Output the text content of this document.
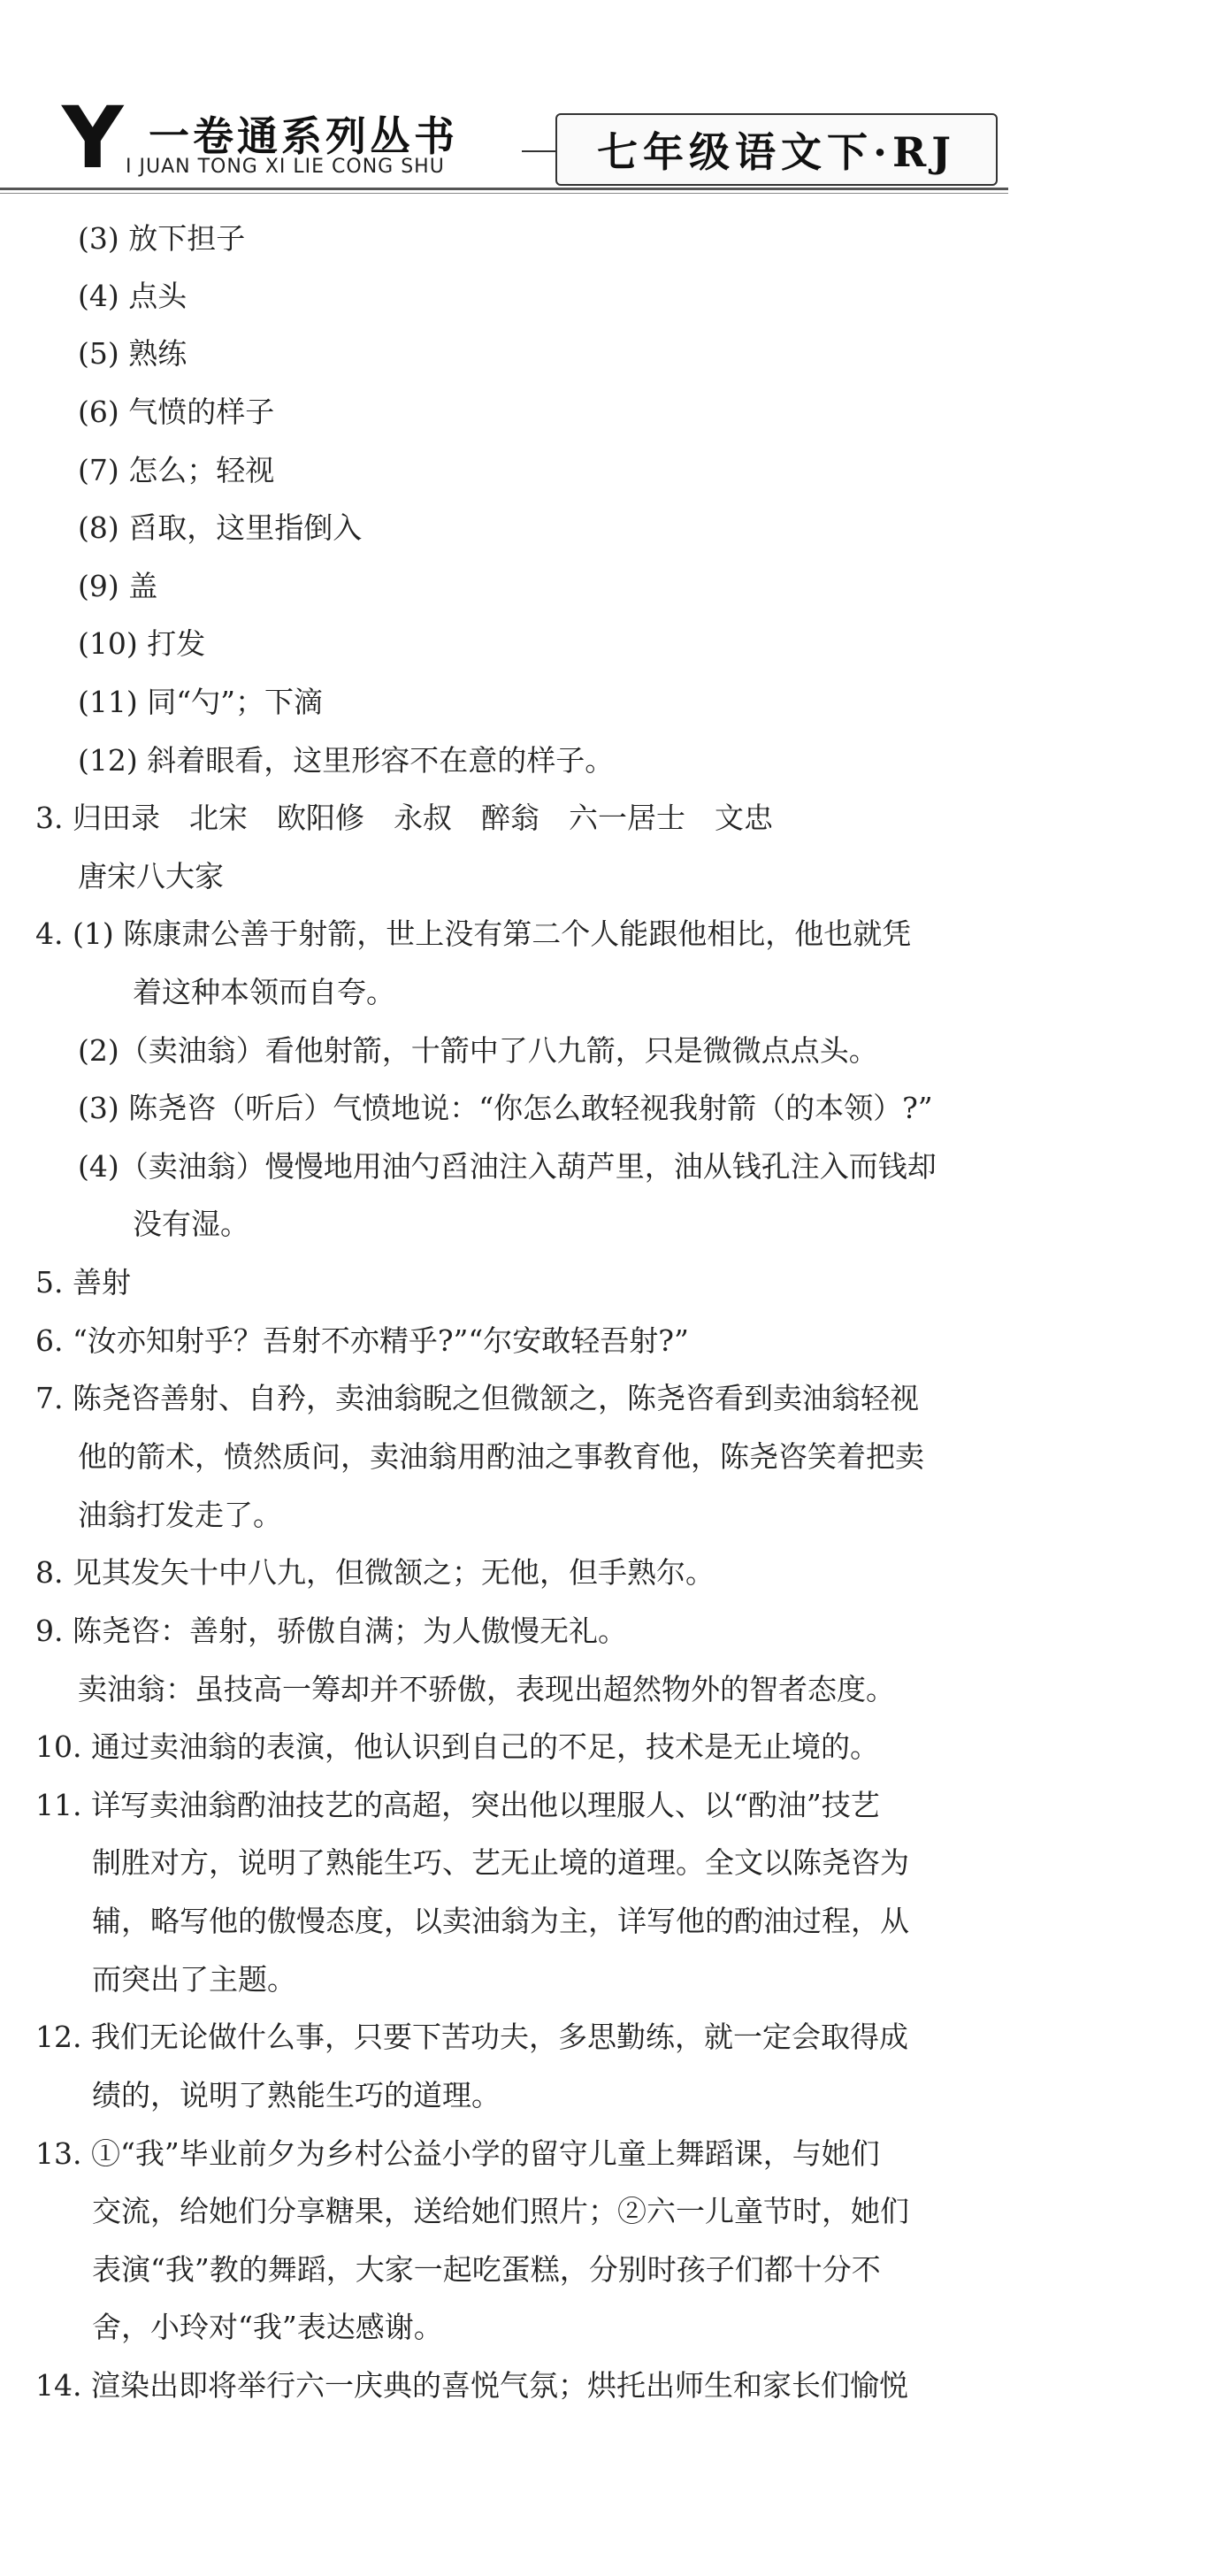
Y 一卷通系列丛书
I JUAN TONG XI LIE CONG SHU	七年级语文下·RJ
(3) 放下担子
(4) 点头
(5) 熟练
(6) 气愤的样子
(7) 怎么；轻视
(8) 舀取，这里指倒入
(9) 盖
(10) 打发
(11) 同“勺”；下滴
(12) 斜着眼看，这里形容不在意的样子。
3. 归田录　北宋　欧阳修　永叔　醉翁　六一居士　文忠
唐宋八大家
4. (1) 陈康肃公善于射箭，世上没有第二个人能跟他相比，他也就凭
着这种本领而自夸。
(2)（卖油翁）看他射箭，十箭中了八九箭，只是微微点点头。
(3) 陈尧咨（听后）气愤地说：“你怎么敢轻视我射箭（的本领）?”
(4)（卖油翁）慢慢地用油勺舀油注入葫芦里，油从钱孔注入而钱却
没有湿。
5. 善射
6. “汝亦知射乎？吾射不亦精乎?”“尔安敢轻吾射?”
7. 陈尧咨善射、自矜，卖油翁睨之但微颔之，陈尧咨看到卖油翁轻视
他的箭术，愤然质问，卖油翁用酌油之事教育他，陈尧咨笑着把卖
油翁打发走了。
8. 见其发矢十中八九，但微颔之；无他，但手熟尔。
9. 陈尧咨：善射，骄傲自满；为人傲慢无礼。
卖油翁：虽技高一筹却并不骄傲，表现出超然物外的智者态度。
10. 通过卖油翁的表演，他认识到自己的不足，技术是无止境的。
11. 详写卖油翁酌油技艺的高超，突出他以理服人、以“酌油”技艺
制胜对方，说明了熟能生巧、艺无止境的道理。全文以陈尧咨为
辅，略写他的傲慢态度，以卖油翁为主，详写他的酌油过程，从
而突出了主题。
12. 我们无论做什么事，只要下苦功夫，多思勤练，就一定会取得成
绩的，说明了熟能生巧的道理。
13. ①“我”毕业前夕为乡村公益小学的留守儿童上舞蹈课，与她们
交流，给她们分享糖果，送给她们照片；②六一儿童节时，她们
表演“我”教的舞蹈，大家一起吃蛋糕，分别时孩子们都十分不
舍，小玲对“我”表达感谢。
14. 渲染出即将举行六一庆典的喜悦气氛；烘托出师生和家长们愉悦
